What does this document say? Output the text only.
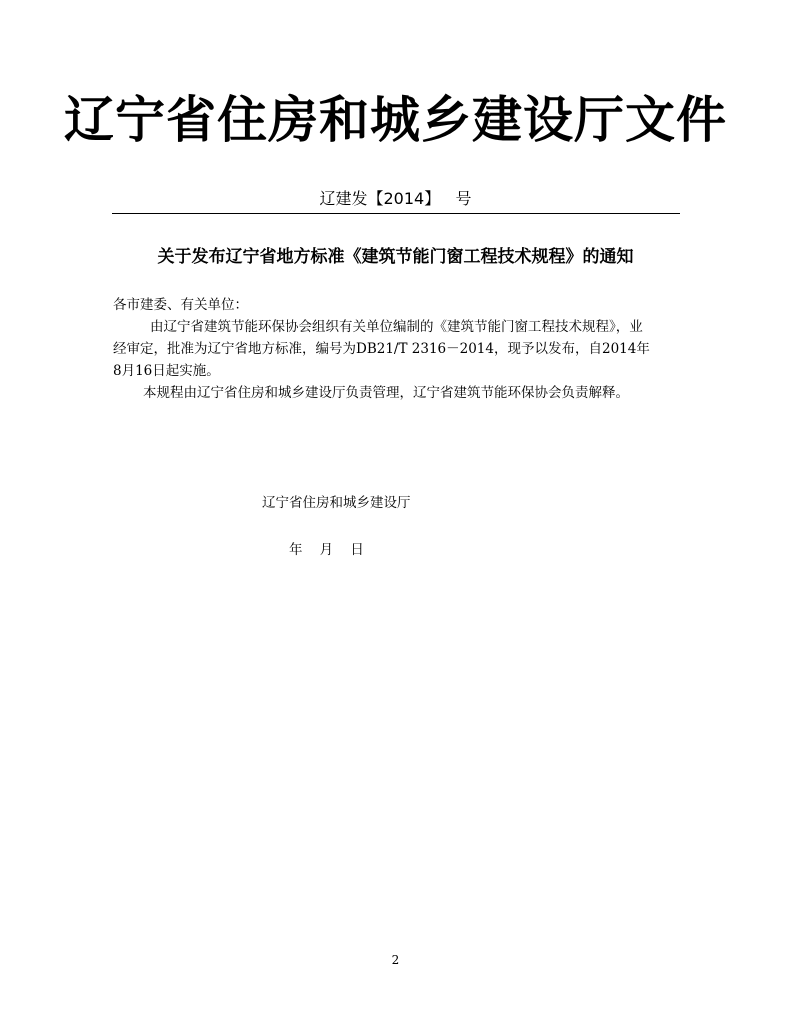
辽宁省住房和城乡建设厅文件
辽建发【2014】   号
关于发布辽宁省地方标准《建筑节能门窗工程技术规程》的通知
各市建委、有关单位：
由辽宁省建筑节能环保协会组织有关单位编制的《建筑节能门窗工程技术规程》，业
经审定，批准为辽宁省地方标准，编号为DB21/T 2316－2014，现予以发布，自2014年
8月16日起实施。
本规程由辽宁省住房和城乡建设厅负责管理，辽宁省建筑节能环保协会负责解释。
辽宁省住房和城乡建设厅
年    月    日
2
